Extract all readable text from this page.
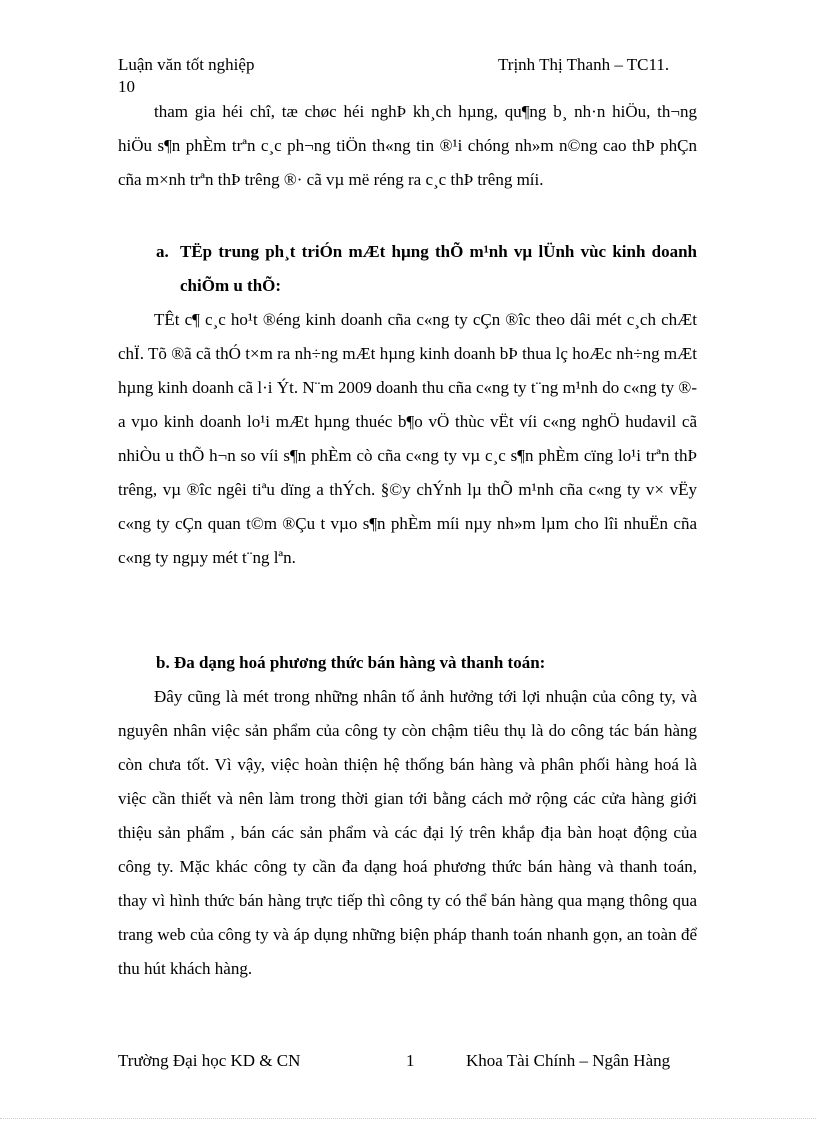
Luận văn tốt nghiệp	Trịnh Thị Thanh – TC11.
10

tham gia héi chî, tæ chøc héi nghÞ kh¸ch hµng, qu¶ng b¸ nh·n hiÖu, th¬ng hiÖu s¶n phÈm trªn c¸c ph¬ng tiÖn th«ng tin ®¹i chóng nh»m n©ng cao thÞ phÇn cña m×nh trªn thÞ trêng ®· cã vµ më réng ra c¸c thÞ trêng míi.

a. TËp trung ph¸t triÓn mÆt hµng thÕ m¹nh vµ lÜnh vùc kinh doanh chiÕm u thÕ:

TÊt c¶ c¸c ho¹t ®éng kinh doanh cña c«ng ty cÇn ®îc theo dâi mét c¸ch chÆt chÏ. Tõ ®ã cã thÓ t×m ra nh÷ng mÆt hµng kinh doanh bÞ thua lç hoÆc nh÷ng mÆt hµng kinh doanh cã l·i Ýt. N¨m 2009 doanh thu cña c«ng ty t¨ng m¹nh do c«ng ty ®a vµo kinh doanh lo¹i mÆt hµng thuéc b¶o vÖ thùc vËt víi c«ng nghÖ hudavil cã nhiÒu u thÕ h¬n so víi s¶n phÈm cò cña c«ng ty vµ c¸c s¶n phÈm cïng lo¹i trªn thÞ trêng, vµ ®îc ngêi tiªu dïng a thÝch. §©y chÝnh lµ thÕ m¹nh cña c«ng ty v× vËy c«ng ty cÇn quan t©m ®Çu t vµo s¶n phÈm míi nµy nh»m lµm cho lîi nhuËn cña c«ng ty ngµy mét t¨ng lªn.

b. Đa dạng hoá phương thức bán hàng và thanh toán:

Đây cũng là mét trong những nhân tố ảnh hưởng tới lợi nhuận của công ty, và nguyên nhân việc sản phẩm của công ty còn chậm tiêu thụ là do công tác bán hàng còn chưa tốt. Vì vậy, việc hoàn thiện hệ thống bán hàng và phân phối hàng hoá là việc cần thiết và nên làm trong thời gian tới bằng cách mở rộng các cửa hàng giới thiệu sản phẩm , bán các sản phẩm và các đại lý trên khắp địa bàn hoạt động của công ty. Mặc khác công ty cần đa dạng hoá phương thức bán hàng và thanh toán, thay vì hình thức bán hàng trực tiếp thì công ty có thể bán hàng qua mạng thông qua trang web của công ty và áp dụng những biện pháp thanh toán nhanh gọn, an toàn để thu hút khách hàng.

Trường Đại học KD & CN	1	Khoa Tài Chính – Ngân Hàng
